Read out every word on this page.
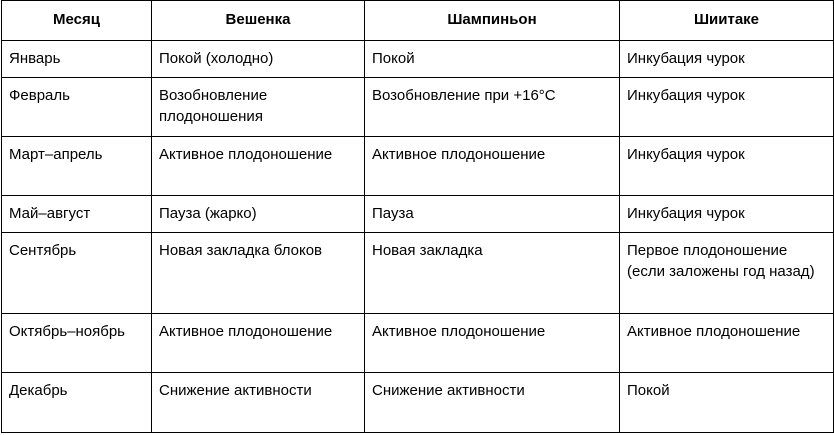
Месяц	Вешенка	Шампиньон	Шиитаке
Январь	Покой (холодно)	Покой	Инкубация чурок
Февраль	Возобновление плодоношения	Возобновление при +16°C	Инкубация чурок
Март–апрель	Активное плодоношение	Активное плодоношение	Инкубация чурок
Май–август	Пауза (жарко)	Пауза	Инкубация чурок
Сентябрь	Новая закладка блоков	Новая закладка	Первое плодоношение (если заложены год назад)
Октябрь–ноябрь	Активное плодоношение	Активное плодоношение	Активное плодоношение
Декабрь	Снижение активности	Снижение активности	Покой
